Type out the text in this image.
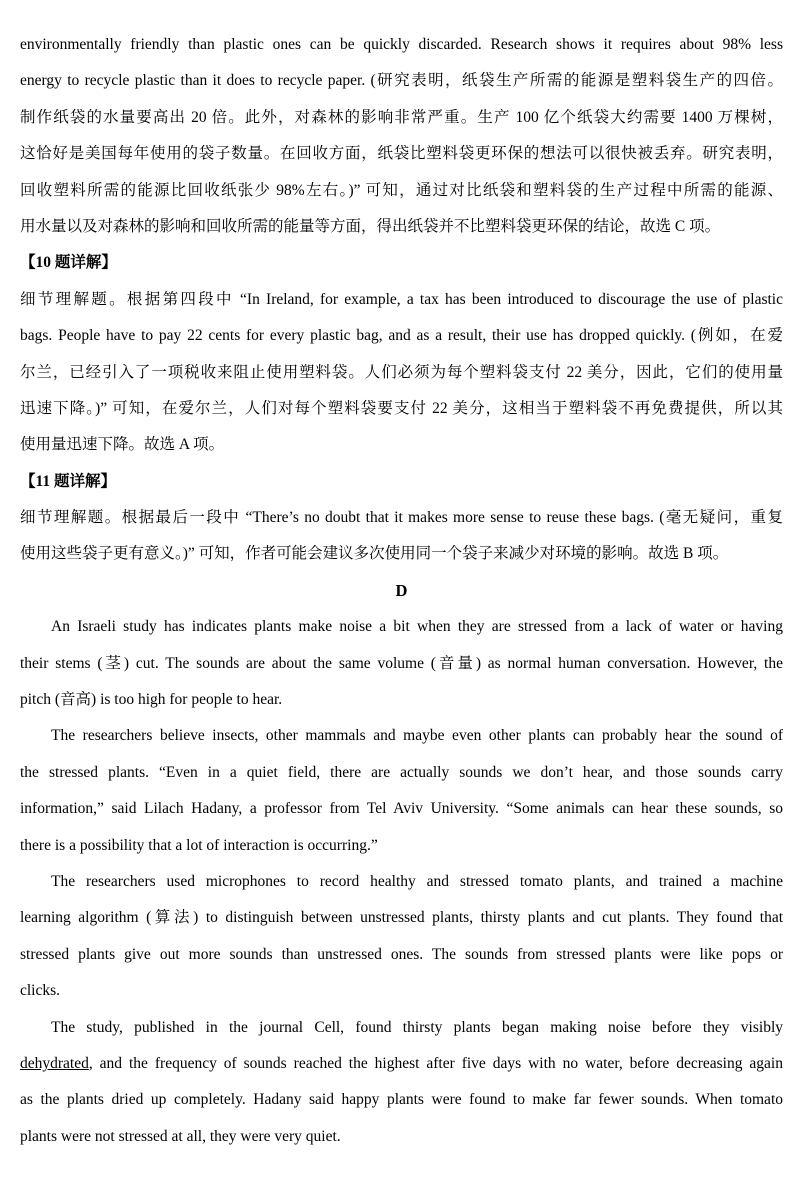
environmentally friendly than plastic ones can be quickly discarded. Research shows it requires about 98% less
energy to recycle plastic than it does to recycle paper. (研究表明，纸袋生产所需的能源是塑料袋生产的四倍。
制作纸袋的水量要高出 20 倍。此外，对森林的影响非常严重。生产 100 亿个纸袋大约需要 1400 万棵树，
这恰好是美国每年使用的袋子数量。在回收方面，纸袋比塑料袋更环保的想法可以很快被丢弃。研究表明，
回收塑料所需的能源比回收纸张少 98%左右。)” 可知，通过对比纸袋和塑料袋的生产过程中所需的能源、
用水量以及对森林的影响和回收所需的能量等方面，得出纸袋并不比塑料袋更环保的结论，故选 C 项。
【10 题详解】
细节理解题。根据第四段中 “In Ireland, for example, a tax has been introduced to discourage the use of plastic
bags. People have to pay 22 cents for every plastic bag, and as a result, their use has dropped quickly. (例如，在爱
尔兰，已经引入了一项税收来阻止使用塑料袋。人们必须为每个塑料袋支付 22 美分，因此，它们的使用量
迅速下降。)” 可知，在爱尔兰，人们对每个塑料袋要支付 22 美分，这相当于塑料袋不再免费提供，所以其
使用量迅速下降。故选 A 项。
【11 题详解】
细节理解题。根据最后一段中 “There’s no doubt that it makes more sense to reuse these bags. (毫无疑问，重复
使用这些袋子更有意义。)” 可知，作者可能会建议多次使用同一个袋子来减少对环境的影响。故选 B 项。
D
An Israeli study has indicates plants make noise a bit when they are stressed from a lack of water or having
their stems (茎) cut. The sounds are about the same volume (音量) as normal human conversation. However, the
pitch (音高) is too high for people to hear.
The researchers believe insects, other mammals and maybe even other plants can probably hear the sound of
the stressed plants. “Even in a quiet field, there are actually sounds we don’t hear, and those sounds carry
information,” said Lilach Hadany, a professor from Tel Aviv University. “Some animals can hear these sounds, so
there is a possibility that a lot of interaction is occurring.”
The researchers used microphones to record healthy and stressed tomato plants, and trained a machine
learning algorithm (算法) to distinguish between unstressed plants, thirsty plants and cut plants. They found that
stressed plants give out more sounds than unstressed ones. The sounds from stressed plants were like pops or
clicks.
The study, published in the journal Cell, found thirsty plants began making noise before they visibly
dehydrated, and the frequency of sounds reached the highest after five days with no water, before decreasing again
as the plants dried up completely. Hadany said happy plants were found to make far fewer sounds. When tomato
plants were not stressed at all, they were very quiet.
